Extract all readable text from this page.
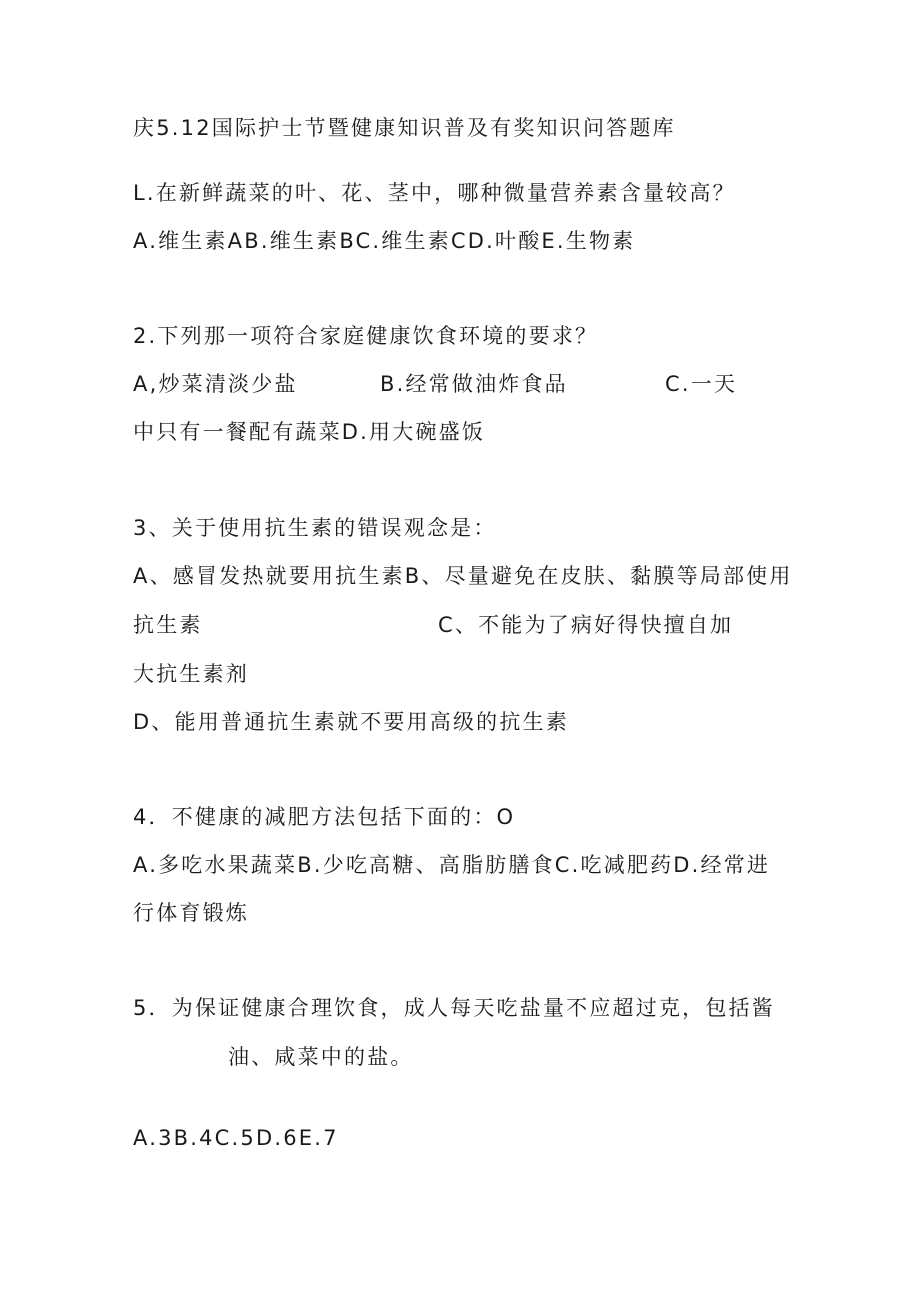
庆5.12国际护士节暨健康知识普及有奖知识问答题库
L.在新鲜蔬菜的叶、花、茎中，哪种微量营养素含量较高？
A.维生素AB.维生素BC.维生素CD.叶酸E.生物素
2.下列那一项符合家庭健康饮食环境的要求？
A,炒菜清淡少盐	B.经常做油炸食品	C.一天
中只有一餐配有蔬菜D.用大碗盛饭
3、关于使用抗生素的错误观念是：
A、感冒发热就要用抗生素B、尽量避免在皮肤、黏膜等局部使用
抗生素	C、不能为了病好得快擅自加
大抗生素剂
D、能用普通抗生素就不要用高级的抗生素
4．不健康的减肥方法包括下面的：O
A.多吃水果蔬菜B.少吃高糖、高脂肪膳食C.吃减肥药D.经常进
行体育锻炼
5．为保证健康合理饮食，成人每天吃盐量不应超过克，包括酱
油、咸菜中的盐。
A.3B.4C.5D.6E.7
